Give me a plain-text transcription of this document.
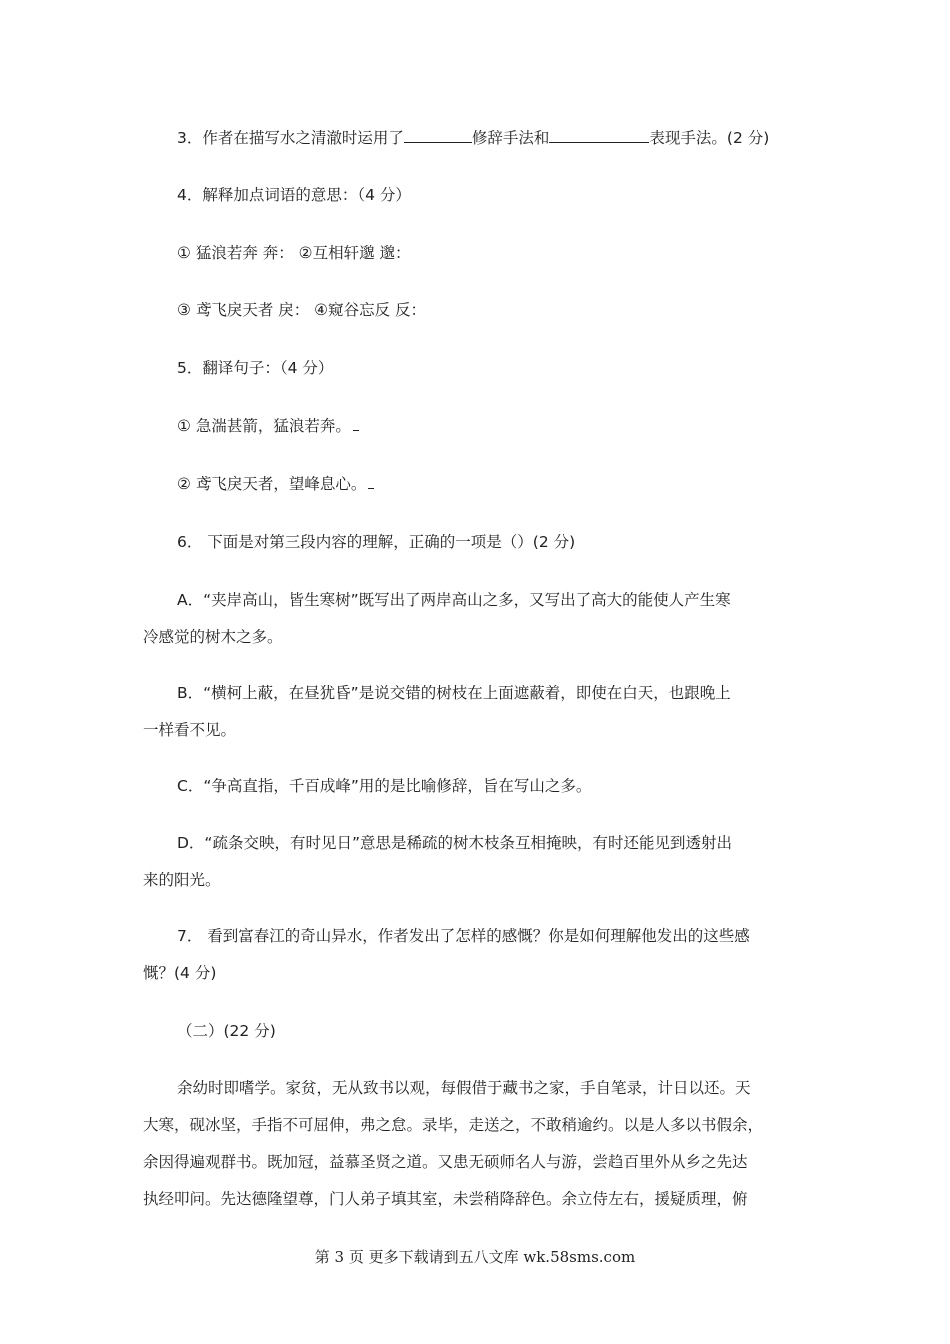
3．作者在描写水之清澈时运用了	修辞手法和	表现手法。(2 分)
4．解释加点词语的意思：（4 分）
① 猛浪若奔 奔： ②互相轩邈 邈：
③ 鸢飞戾天者 戾： ④窥谷忘反 反：
5．翻译句子：（4 分）
① 急湍甚箭，猛浪若奔。
② 鸢飞戾天者，望峰息心。
6． 下面是对第三段内容的理解，正确的一项是（）(2 分)
A．“夹岸高山，皆生寒树”既写出了两岸高山之多，又写出了高大的能使人产生寒
冷感觉的树木之多。
B．“横柯上蔽，在昼犹昏”是说交错的树枝在上面遮蔽着，即使在白天，也跟晚上
一样看不见。
C．“争高直指，千百成峰”用的是比喻修辞，旨在写山之多。
D．“疏条交映，有时见日”意思是稀疏的树木枝条互相掩映，有时还能见到透射出
来的阳光。
7． 看到富春江的奇山异水，作者发出了怎样的感慨？你是如何理解他发出的这些感
慨？(4 分)
（二）(22 分)
余幼时即嗜学。家贫，无从致书以观，每假借于藏书之家，手自笔录，计日以还。天
大寒，砚冰坚，手指不可屈伸，弗之怠。录毕，走送之，不敢稍逾约。以是人多以书假余，
余因得遍观群书。既加冠，益慕圣贤之道。又患无硕师名人与游，尝趋百里外从乡之先达
执经叩问。先达德隆望尊，门人弟子填其室，未尝稍降辞色。余立侍左右，援疑质理，俯
第 3 页 更多下载请到五八文库 wk.58sms.com
